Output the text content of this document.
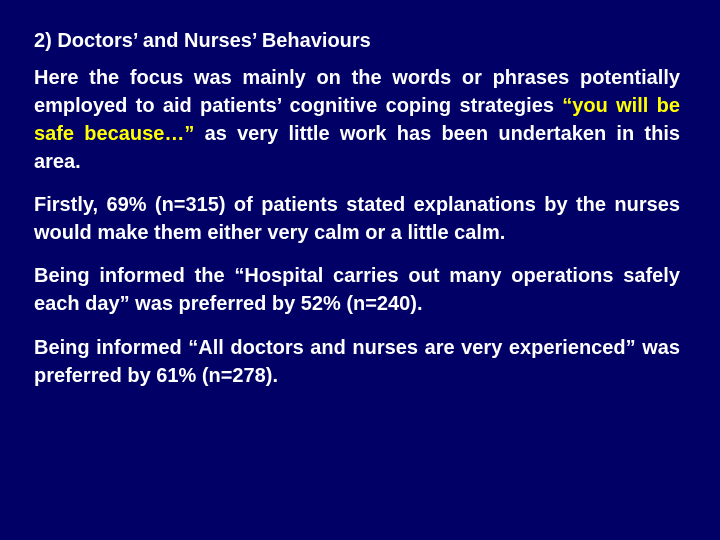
2) Doctors’ and Nurses’ Behaviours

Here the focus was mainly on the words or phrases potentially employed to aid patients’ cognitive coping strategies “you will be safe because…” as very little work has been undertaken in this area.

Firstly, 69% (n=315) of patients stated explanations by the nurses would make them either very calm or a little calm.

Being informed the “Hospital carries out many operations safely each day” was preferred by 52% (n=240).

Being informed “All doctors and nurses are very experienced” was preferred by 61% (n=278).
